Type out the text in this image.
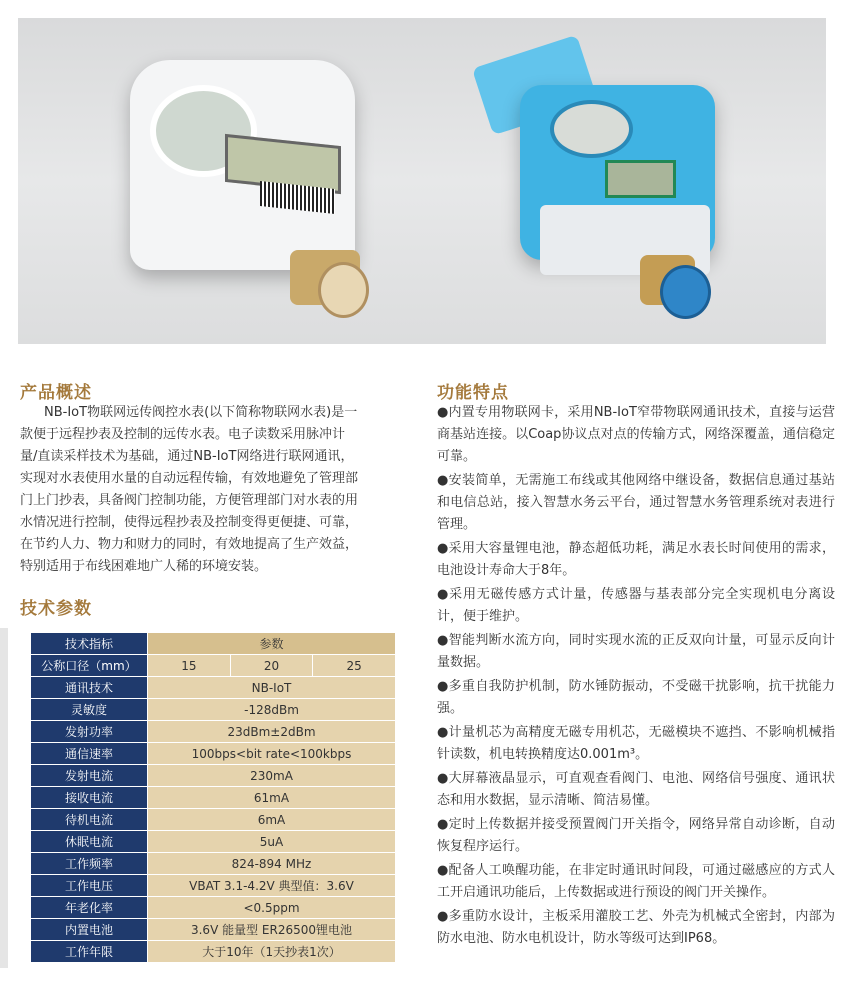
产品概述
NB-IoT物联网远传阀控水表(以下简称物联网水表)是一
款便于远程抄表及控制的远传水表。电子读数采用脉冲计
量/直读采样技术为基础，通过NB-IoT网络进行联网通讯，
实现对水表使用水量的自动远程传输，有效地避免了管理部
门上门抄表，具备阀门控制功能，方便管理部门对水表的用
水情况进行控制，使得远程抄表及控制变得更便捷、可靠，
在节约人力、物力和财力的同时，有效地提高了生产效益，
特别适用于布线困难地广人稀的环境安装。
技术参数
技术指标	参数		
公称口径（mm）	15	20	25
通讯技术	NB-IoT		
灵敏度	-128dBm		
发射功率	23dBm±2dBm		
通信速率	100bps<bit rate<100kbps		
发射电流	230mA		
接收电流	61mA		
待机电流	6mA		
休眠电流	5uA		
工作频率	824-894 MHz		
工作电压	VBAT 3.1-4.2V 典型值：3.6V		
年老化率	<0.5ppm		
内置电池	3.6V 能量型 ER26500锂电池		
工作年限	大于10年（1天抄表1次）		
功能特点
●内置专用物联网卡，采用NB-IoT窄带物联网通讯技术，直接与运营商基站连接。以Coap协议点对点的传输方式，网络深覆盖，通信稳定可靠。
●安装简单，无需施工布线或其他网络中继设备，数据信息通过基站和电信总站，接入智慧水务云平台，通过智慧水务管理系统对表进行管理。
●采用大容量锂电池，静态超低功耗，满足水表长时间使用的需求，电池设计寿命大于8年。
●采用无磁传感方式计量，传感器与基表部分完全实现机电分离设计，便于维护。
●智能判断水流方向，同时实现水流的正反双向计量，可显示反向计量数据。
●多重自我防护机制，防水锤防振动，不受磁干扰影响，抗干扰能力强。
●计量机芯为高精度无磁专用机芯，无磁模块不遮挡、不影响机械指针读数，机电转换精度达0.001m³。
●大屏幕液晶显示，可直观查看阀门、电池、网络信号强度、通讯状态和用水数据，显示清晰、简洁易懂。
●定时上传数据并接受预置阀门开关指令，网络异常自动诊断，自动恢复程序运行。
●配备人工唤醒功能，在非定时通讯时间段，可通过磁感应的方式人工开启通讯功能后，上传数据或进行预设的阀门开关操作。
●多重防水设计，主板采用灌胶工艺、外壳为机械式全密封，内部为防水电池、防水电机设计，防水等级可达到IP68。
